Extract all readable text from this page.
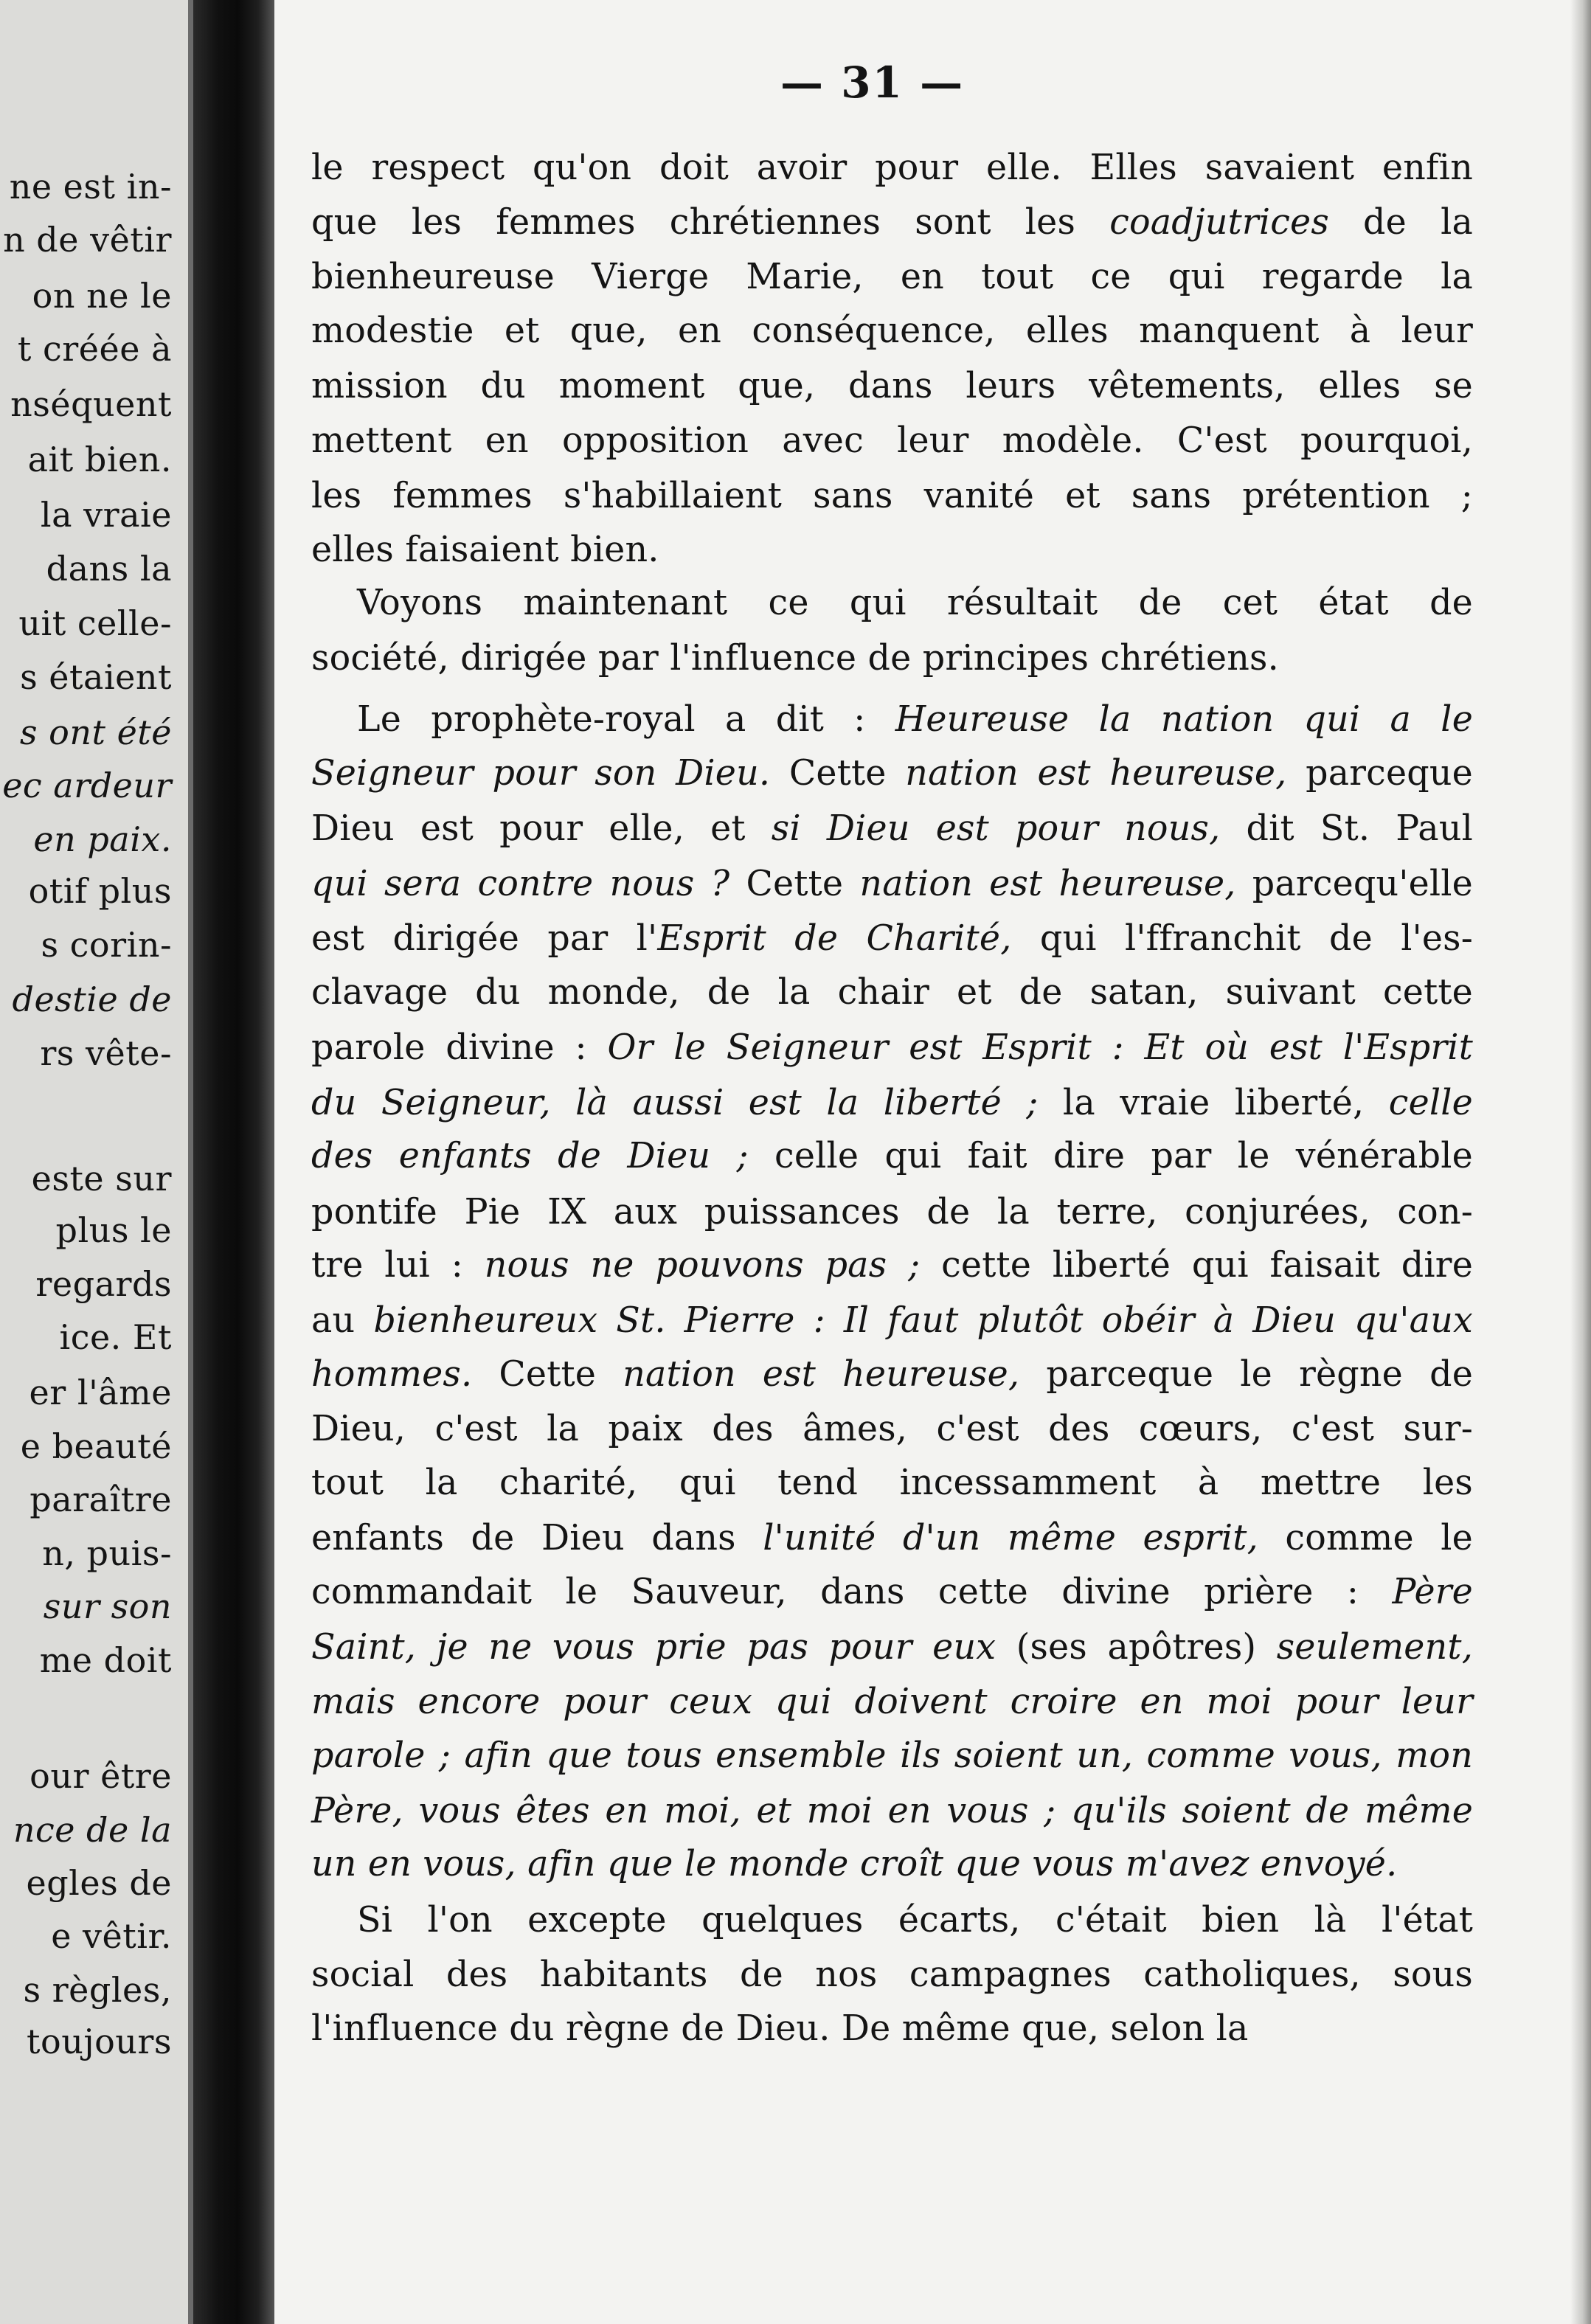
ne est in-
n de vêtir
on ne le
t créée à
nséquent
ait bien.
la vraie
dans la
uit celle-
s étaient
s ont été
ec ardeur
en paix.
otif plus
s corin-
destie de
rs vête-
este sur
plus le
regards
ice. Et
er l'âme
e beauté
paraître
n, puis-
sur son
me doit
our être
nce de la
egles de
e vêtir.
s règles,
toujours
— 31 —
le respect qu'on doit avoir pour elle. Elles savaient enfin
que les femmes chrétiennes sont les coadjutrices de la
bienheureuse Vierge Marie, en tout ce qui regarde la
modestie et que, en conséquence, elles manquent à leur
mission du moment que, dans leurs vêtements, elles se
mettent en opposition avec leur modèle. C'est pourquoi,
les femmes s'habillaient sans vanité et sans prétention ;
elles faisaient bien.
Voyons maintenant ce qui résultait de cet état de
société, dirigée par l'influence de principes chrétiens.
Le prophète-royal a dit : Heureuse la nation qui a le
Seigneur pour son Dieu. Cette nation est heureuse, parceque
Dieu est pour elle, et si Dieu est pour nous, dit St. Paul
qui sera contre nous ? Cette nation est heureuse, parcequ'elle
est dirigée par l'Esprit de Charité, qui l'ffranchit de l'es-
clavage du monde, de la chair et de satan, suivant cette
parole divine : Or le Seigneur est Esprit : Et où est l'Esprit
du Seigneur, là aussi est la liberté ; la vraie liberté, celle
des enfants de Dieu ; celle qui fait dire par le vénérable
pontife Pie IX aux puissances de la terre, conjurées, con-
tre lui : nous ne pouvons pas ; cette liberté qui faisait dire
au bienheureux St. Pierre : Il faut plutôt obéir à Dieu qu'aux
hommes. Cette nation est heureuse, parceque le règne de
Dieu, c'est la paix des âmes, c'est des cœurs, c'est sur-
tout la charité, qui tend incessamment à mettre les
enfants de Dieu dans l'unité d'un même esprit, comme le
commandait le Sauveur, dans cette divine prière : Père
Saint, je ne vous prie pas pour eux (ses apôtres) seulement,
mais encore pour ceux qui doivent croire en moi pour leur
parole ; afin que tous ensemble ils soient un, comme vous, mon
Père, vous êtes en moi, et moi en vous ; qu'ils soient de même
un en vous, afin que le monde croît que vous m'avez envoyé.
Si l'on excepte quelques écarts, c'était bien là l'état
social des habitants de nos campagnes catholiques, sous
l'influence du règne de Dieu. De même que, selon la
